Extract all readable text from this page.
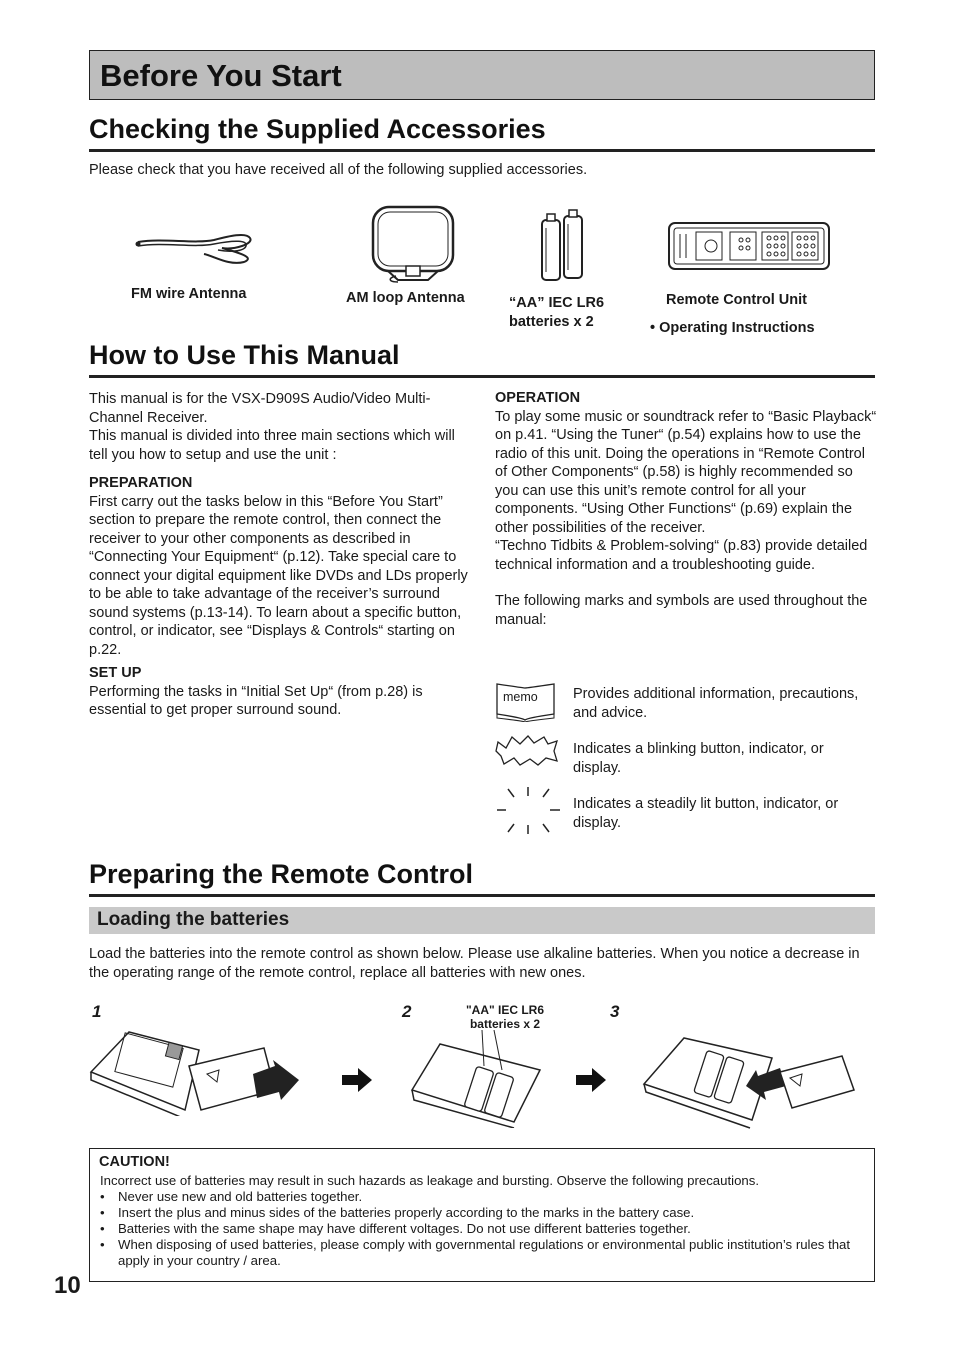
Before You Start
Checking the Supplied Accessories

Please check that you have received all of the following supplied accessories.

FM wire Antenna	AM loop Antenna	“AA” IEC LR6
batteries x 2
Remote Control Unit
• Operating Instructions
How to Use This Manual

This manual is for the VSX-D909S Audio/Video Multi-Channel Receiver.
This manual is divided into three main sections which will tell you how to setup and use the unit :

PREPARATION

First carry out the tasks below in this “Before You Start” section to prepare the remote control, then connect the receiver to your other components as described in “Connecting Your Equipment“ (p.12). Take special care to connect your digital equipment like DVDs and LDs properly to be able to take advantage of the receiver’s surround sound systems (p.13-14). To learn about a specific button, control, or indicator, see “Displays & Controls“ starting on p.22.

SET UP

Performing the tasks in “Initial Set Up“ (from p.28) is essential to get proper surround sound.

OPERATION

To play some music or soundtrack refer to “Basic Playback“ on p.41. “Using the Tuner“ (p.54) explains how to use the radio of this unit. Doing the operations in “Remote Control of Other Components“ (p.58) is highly recommended so you can use this unit’s remote control for all your components. “Using Other Functions“ (p.69) explain the other possibilities of the receiver.
“Techno Tidbits & Problem-solving“ (p.83) provide detailed technical information and a troubleshooting guide.

The following marks and symbols are used throughout the manual:

memo Provides additional information, precautions, and advice.

Indicates a blinking button, indicator, or display.

Indicates a steadily lit button, indicator, or display.

Preparing the Remote Control
Loading the batteries

Load the batteries into the remote control as shown below. Please use alkaline batteries. When you notice a decrease in the operating range of the remote control, replace all batteries with new ones.

1	2	3
"AA" IEC LR6
batteries x 2
CAUTION!
Incorrect use of batteries may result in such hazards as leakage and bursting. Observe the following precautions.
• Never use new and old batteries together.
• Insert the plus and minus sides of the batteries properly according to the marks in the battery case.
• Batteries with the same shape may have different voltages. Do not use different batteries together.
• When disposing of used batteries, please comply with governmental regulations or environmental public institution’s rules that apply in your country / area.
10
